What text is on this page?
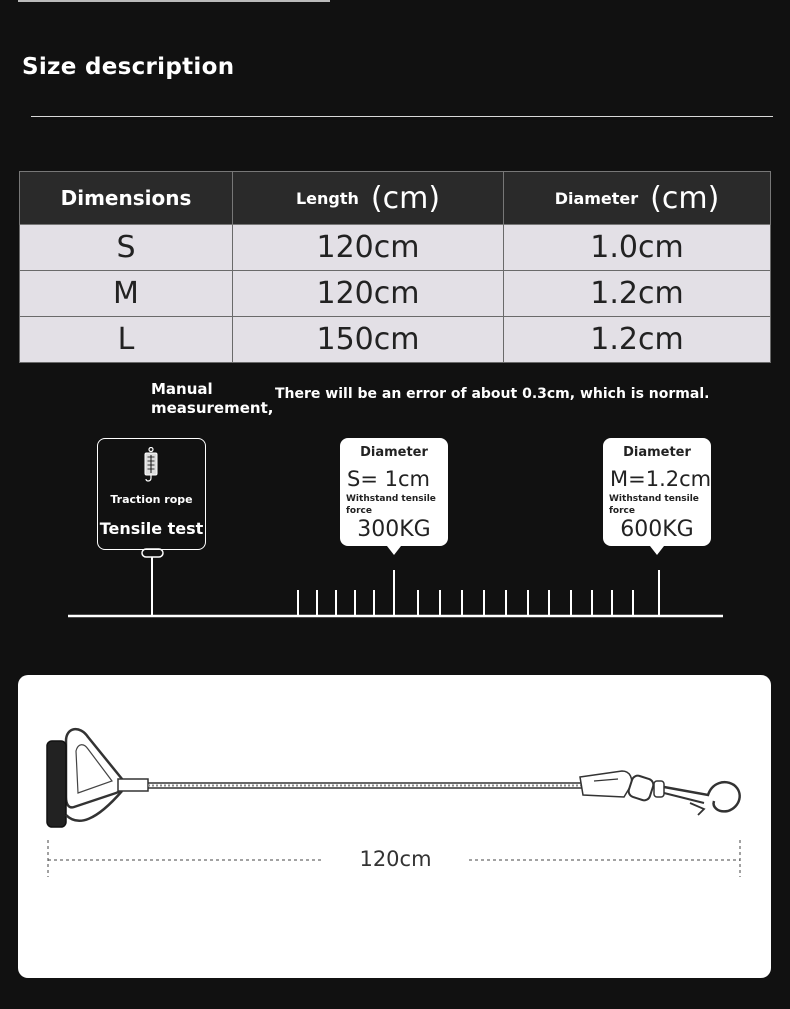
Size description
Dimensions	Length (cm)	Diameter (cm)
S	120cm	1.0cm
M	120cm	1.2cm
L	150cm	1.2cm
Manual measurement,
There will be an error of about 0.3cm, which is normal.
Traction rope
Tensile test
Diameter
S= 1cm
Withstand tensile force
300KG
Diameter
M=1.2cm
Withstand tensile force
600KG
120cm
